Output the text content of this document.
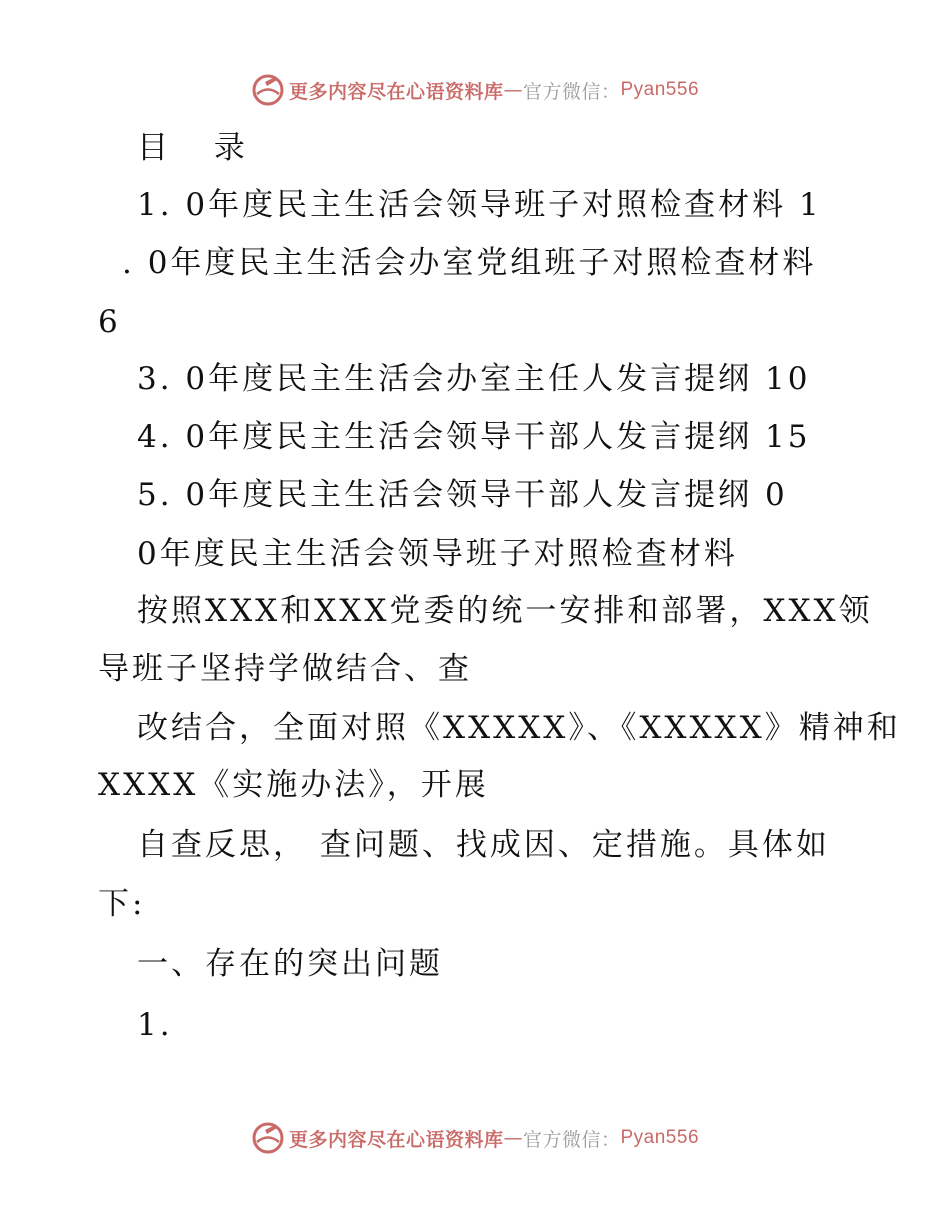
更多内容尽在心语资料库 — 官方微信： Pyan556
目 录
1. 0年度民主生活会领导班子对照检查材料 1
. 0年度民主生活会办室党组班子对照检查材料
6
3. 0年度民主生活会办室主任人发言提纲 10
4. 0年度民主生活会领导干部人发言提纲 15
5. 0年度民主生活会领导干部人发言提纲 0
0年度民主生活会领导班子对照检查材料
按照XXX和XXX党委的统一安排和部署，XXX领
导班子坚持学做结合、查
改结合，全面对照《XXXXX》、《XXXXX》精神和
XXXX《实施办法》，开展
自查反思， 查问题、找成因、定措施。具体如
下:
一、存在的突出问题
1.
更多内容尽在心语资料库 — 官方微信： Pyan556
